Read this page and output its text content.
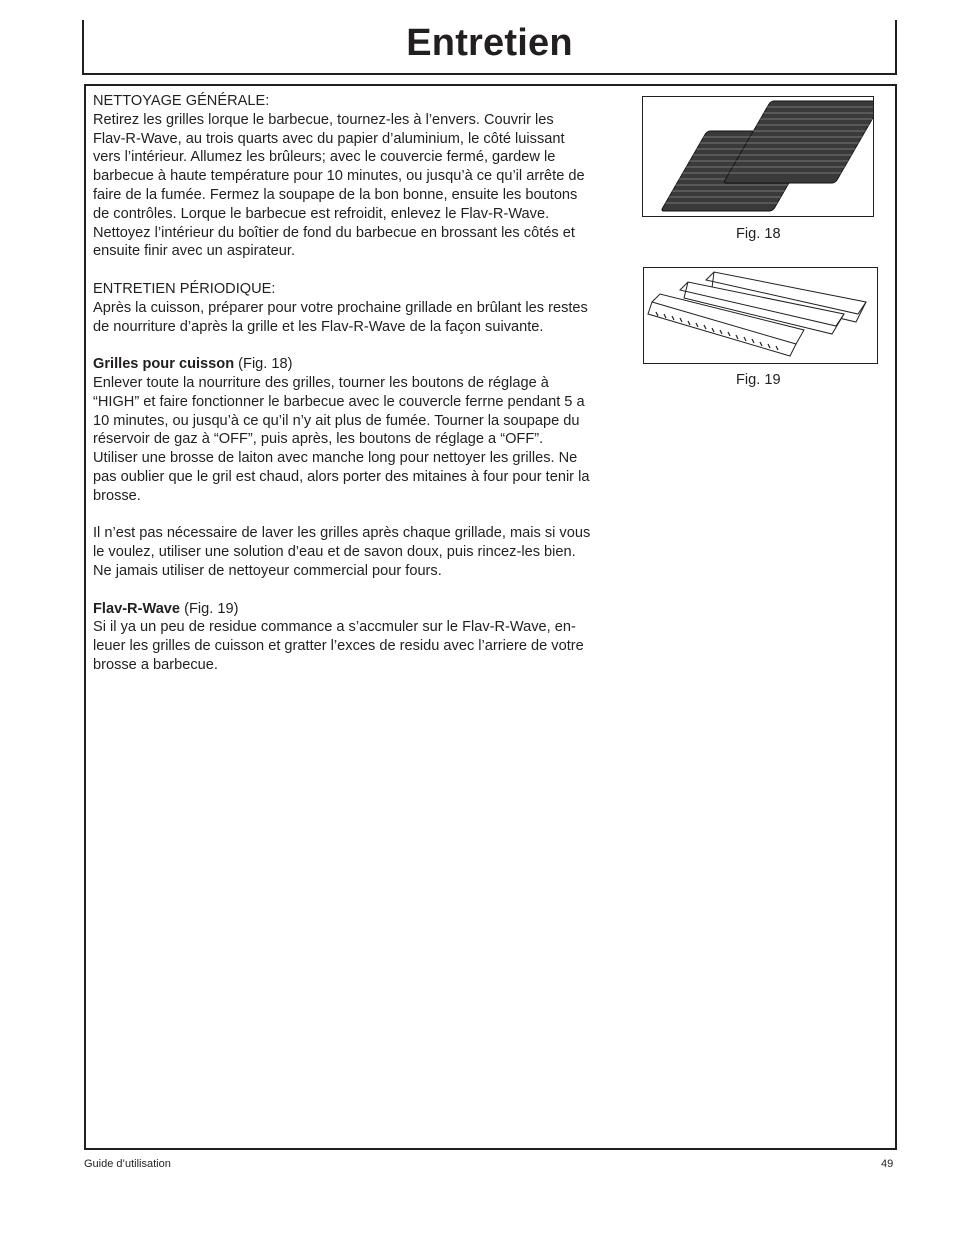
Entretien

NETTOYAGE GÉNÉRALE:
Retirez les grilles lorque le barbecue, tournez-les à l’envers. Couvrir les
Flav-R-Wave, au trois quarts avec du papier d’aluminium, le côté luissant
vers l’intérieur. Allumez les brûleurs; avec le couvercie fermé, gardew le
barbecue à haute température pour 10 minutes, ou jusqu’à ce qu’il arrête de
faire de la fumée. Fermez la soupape de la bon bonne, ensuite les boutons
de contrôles. Lorque le barbecue est refroidit, enlevez le Flav-R-Wave.
Nettoyez l’intérieur du boîtier de fond du barbecue en brossant les côtés et
ensuite finir avec un aspirateur.

ENTRETIEN PÉRIODIQUE:
Après la cuisson, préparer pour votre prochaine grillade en brûlant les restes
de nourriture d’après la grille et les Flav-R-Wave de la façon suivante.

Grilles pour cuisson (Fig. 18)
Enlever toute la nourriture des grilles, tourner les boutons de réglage à
“HIGH” et faire fonctionner le barbecue avec le couvercle ferrne pendant 5 a
10 minutes, ou jusqu’à ce qu’il n’y ait plus de fumée. Tourner la soupape du
réservoir de gaz à “OFF”, puis après, les boutons de réglage a “OFF”.
Utiliser une brosse de laiton avec manche long pour nettoyer les grilles. Ne
pas oublier que le gril est chaud, alors porter des mitaines à four pour tenir la
brosse.

Il n’est pas nécessaire de laver les grilles après chaque grillade, mais si vous
le voulez, utiliser une solution d’eau et de savon doux, puis rincez-les bien.
Ne jamais utiliser de nettoyeur commercial pour fours.

Flav-R-Wave (Fig. 19)
Si il ya un peu de residue commance a s’accmuler sur le Flav-R-Wave, en-
leuer les grilles de cuisson et gratter l’exces de residu avec l’arriere de votre
brosse a barbecue.

Fig. 18
Fig. 19
Guide d’utilisation	49
